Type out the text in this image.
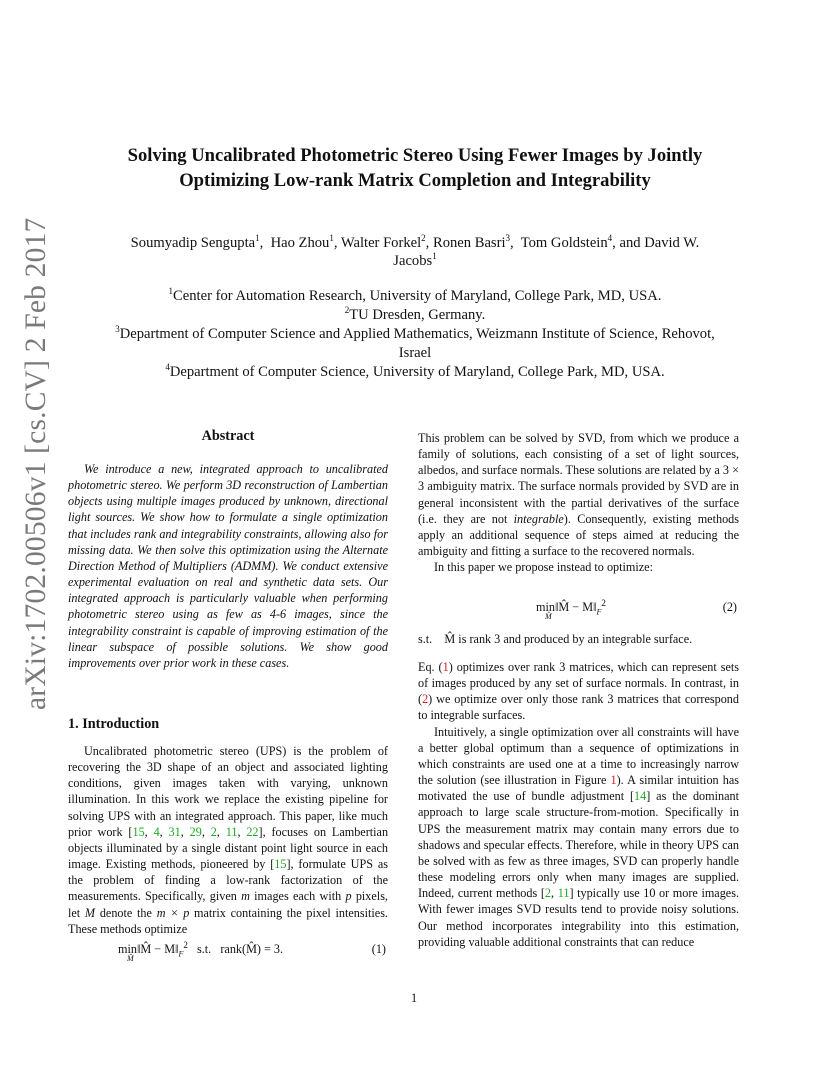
arXiv:1702.00506v1 [cs.CV] 2 Feb 2017
Solving Uncalibrated Photometric Stereo Using Fewer Images by Jointly
Optimizing Low-rank Matrix Completion and Integrability
Soumyadip Sengupta$^1$,  Hao Zhou$^1$, Walter Forkel$^2$, Ronen Basri$^3$,  Tom Goldstein$^4$, and David W.
Jacobs$^1$
$^1$Center for Automation Research, University of Maryland, College Park, MD, USA.
$^2$TU Dresden, Germany.
$^3$Department of Computer Science and Applied Mathematics, Weizmann Institute of Science, Rehovot,
Israel
$^4$Department of Computer Science, University of Maryland, College Park, MD, USA.
Abstract

We introduce a new, integrated approach to uncalibrated photometric stereo. We perform 3D reconstruction of Lambertian objects using multiple images produced by unknown, directional light sources. We show how to formulate a single optimization that includes rank and integrability constraints, allowing also for missing data. We then solve this optimization using the Alternate Direction Method of Multipliers (ADMM). We conduct extensive experimental evaluation on real and synthetic data sets. Our integrated approach is particularly valuable when performing photometric stereo using as few as 4-6 images, since the integrability constraint is capable of improving estimation of the linear subspace of possible solutions. We show good improvements over prior work in these cases.

1. Introduction

Uncalibrated photometric stereo (UPS) is the problem of recovering the 3D shape of an object and associated lighting conditions, given images taken with varying, unknown illumination. In this work we replace the existing pipeline for solving UPS with an integrated approach. This paper, like much prior work [15, 4, 31, 29, 2, 11, 22], focuses on Lambertian objects illuminated by a single distant point light source in each image. Existing methods, pioneered by [15], formulate UPS as the problem of finding a low-rank factorization of the measurements. Specifically, given m images each with p pixels, let M denote the m × p matrix containing the pixel intensities. These methods optimize

min
M̂
‖M̂ − $M‖_F^2$ s.t. rank(M̂) = 3.	(1)

This problem can be solved by SVD, from which we produce a family of solutions, each consisting of a set of light sources, albedos, and surface normals. These solutions are related by a 3 × 3 ambiguity matrix. The surface normals provided by SVD are in general inconsistent with the partial derivatives of the surface (i.e. they are not integrable). Consequently, existing methods apply an additional sequence of steps aimed at reducing the ambiguity and fitting a surface to the recovered normals.

In this paper we propose instead to optimize:

min
M̂
‖M̂ − $M‖_F^2$	(2)
s.t. M̂ is rank 3 and produced by an integrable surface.

Eq. (1) optimizes over rank 3 matrices, which can represent sets of images produced by any set of surface normals. In contrast, in (2) we optimize over only those rank 3 matrices that correspond to integrable surfaces.

Intuitively, a single optimization over all constraints will have a better global optimum than a sequence of optimizations in which constraints are used one at a time to increasingly narrow the solution (see illustration in Figure 1). A similar intuition has motivated the use of bundle adjustment [14] as the dominant approach to large scale structure-from-motion. Specifically in UPS the measurement matrix may contain many errors due to shadows and specular effects. Therefore, while in theory UPS can be solved with as few as three images, SVD can properly handle these modeling errors only when many images are supplied. Indeed, current methods [2, 11] typically use 10 or more images. With fewer images SVD results tend to provide noisy solutions. Our method incorporates integrability into this estimation, providing valuable additional constraints that can reduce

1
